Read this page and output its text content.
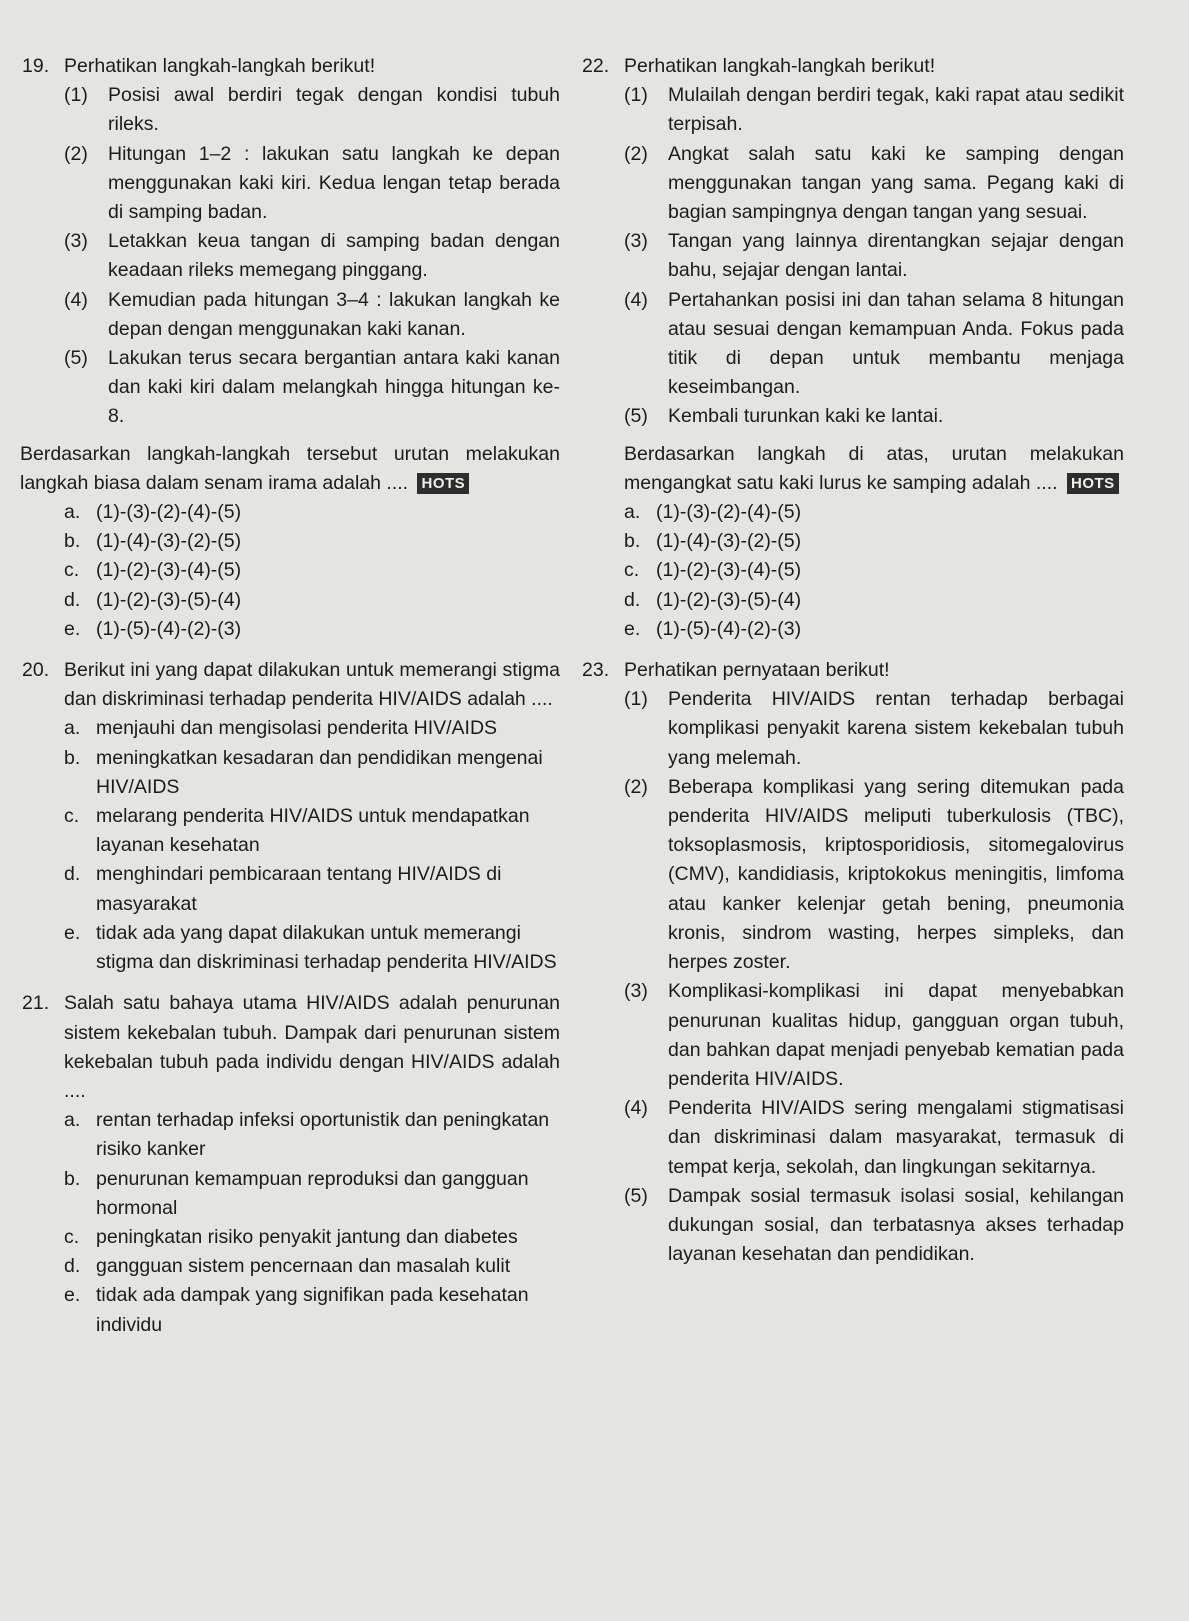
19. Perhatikan langkah-langkah berikut!
(1) Posisi awal berdiri tegak dengan kondisi tubuh rileks.
(2) Hitungan 1–2 : lakukan satu langkah ke depan menggunakan kaki kiri. Kedua lengan tetap berada di samping badan.
(3) Letakkan keua tangan di samping badan dengan keadaan rileks memegang pinggang.
(4) Kemudian pada hitungan 3–4 : lakukan langkah ke depan dengan menggunakan kaki kanan.
(5) Lakukan terus secara bergantian antara kaki kanan dan kaki kiri dalam melangkah hingga hitungan ke-8.
Berdasarkan langkah-langkah tersebut urutan melakukan langkah biasa dalam senam irama adalah .... HOTS
a. (1)-(3)-(2)-(4)-(5)
b. (1)-(4)-(3)-(2)-(5)
c. (1)-(2)-(3)-(4)-(5)
d. (1)-(2)-(3)-(5)-(4)
e. (1)-(5)-(4)-(2)-(3)
20. Berikut ini yang dapat dilakukan untuk memerangi stigma dan diskriminasi terhadap penderita HIV/AIDS adalah ....
a. menjauhi dan mengisolasi penderita HIV/AIDS
b. meningkatkan kesadaran dan pendidikan mengenai HIV/AIDS
c. melarang penderita HIV/AIDS untuk mendapatkan layanan kesehatan
d. menghindari pembicaraan tentang HIV/AIDS di masyarakat
e. tidak ada yang dapat dilakukan untuk memerangi stigma dan diskriminasi terhadap penderita HIV/AIDS
21. Salah satu bahaya utama HIV/AIDS adalah penurunan sistem kekebalan tubuh. Dampak dari penurunan sistem kekebalan tubuh pada individu dengan HIV/AIDS adalah ....
a. rentan terhadap infeksi oportunistik dan peningkatan risiko kanker
b. penurunan kemampuan reproduksi dan gangguan hormonal
c. peningkatan risiko penyakit jantung dan diabetes
d. gangguan sistem pencernaan dan masalah kulit
e. tidak ada dampak yang signifikan pada kesehatan individu
22. Perhatikan langkah-langkah berikut!
(1) Mulailah dengan berdiri tegak, kaki rapat atau sedikit terpisah.
(2) Angkat salah satu kaki ke samping dengan menggunakan tangan yang sama. Pegang kaki di bagian sampingnya dengan tangan yang sesuai.
(3) Tangan yang lainnya direntangkan sejajar dengan bahu, sejajar dengan lantai.
(4) Pertahankan posisi ini dan tahan selama 8 hitungan atau sesuai dengan kemampuan Anda. Fokus pada titik di depan untuk membantu menjaga keseimbangan.
(5) Kembali turunkan kaki ke lantai.
Berdasarkan langkah di atas, urutan melakukan mengangkat satu kaki lurus ke samping adalah .... HOTS
a. (1)-(3)-(2)-(4)-(5)
b. (1)-(4)-(3)-(2)-(5)
c. (1)-(2)-(3)-(4)-(5)
d. (1)-(2)-(3)-(5)-(4)
e. (1)-(5)-(4)-(2)-(3)
23. Perhatikan pernyataan berikut!
(1) Penderita HIV/AIDS rentan terhadap berbagai komplikasi penyakit karena sistem kekebalan tubuh yang melemah.
(2) Beberapa komplikasi yang sering ditemukan pada penderita HIV/AIDS meliputi tuberkulosis (TBC), toksoplasmosis, kriptosporidiosis, sitomegalovirus (CMV), kandidiasis, kriptokokus meningitis, limfoma atau kanker kelenjar getah bening, pneumonia kronis, sindrom wasting, herpes simpleks, dan herpes zoster.
(3) Komplikasi-komplikasi ini dapat menyebabkan penurunan kualitas hidup, gangguan organ tubuh, dan bahkan dapat menjadi penyebab kematian pada penderita HIV/AIDS.
(4) Penderita HIV/AIDS sering mengalami stigmatisasi dan diskriminasi dalam masyarakat, termasuk di tempat kerja, sekolah, dan lingkungan sekitarnya.
(5) Dampak sosial termasuk isolasi sosial, kehilangan dukungan sosial, dan terbatasnya akses terhadap layanan kesehatan dan pendidikan.
